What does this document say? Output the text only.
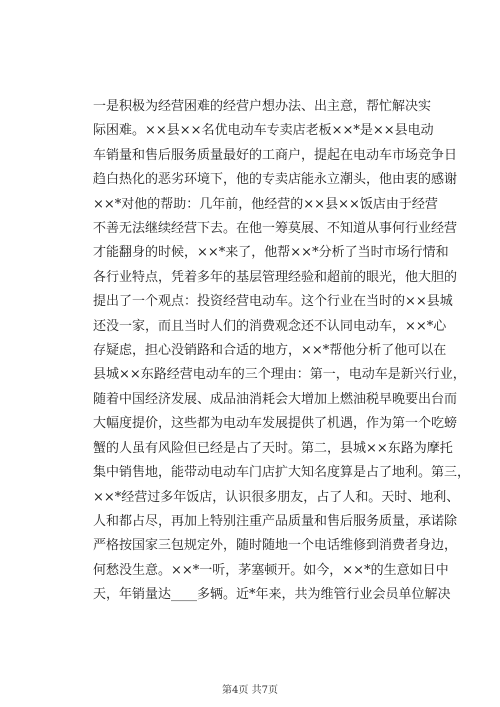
一是积极为经营困难的经营户想办法、出主意，帮忙解决实
际困难。××县××名优电动车专卖店老板××*是××县电动
车销量和售后服务质量最好的工商户，提起在电动车市场竞争日
趋白热化的恶劣环境下，他的专卖店能永立潮头，他由衷的感谢
××*对他的帮助：几年前，他经营的××县××饭店由于经营
不善无法继续经营下去。在他一筹莫展、不知道从事何行业经营
才能翻身的时候，××*来了，他帮××*分析了当时市场行情和
各行业特点，凭着多年的基层管理经验和超前的眼光，他大胆的
提出了一个观点：投资经营电动车。这个行业在当时的××县城
还没一家，而且当时人们的消费观念还不认同电动车，××*心
存疑虑，担心没销路和合适的地方，××*帮他分析了他可以在
县城××东路经营电动车的三个理由：第一，电动车是新兴行业，
随着中国经济发展、成品油消耗会大增加上燃油税早晚要出台而
大幅度提价，这些都为电动车发展提供了机遇，作为第一个吃螃
蟹的人虽有风险但已经是占了天时。第二，县城××东路为摩托
集中销售地，能带动电动车门店扩大知名度算是占了地利。第三，
××*经营过多年饭店，认识很多朋友，占了人和。天时、地利、
人和都占尽，再加上特别注重产品质量和售后服务质量，承诺除
严格按国家三包规定外，随时随地一个电话维修到消费者身边，
何愁没生意。××*一听，茅塞顿开。如今，××*的生意如日中
天，年销量达____多辆。近*年来，共为维管行业会员单位解决
第4页 共7页
